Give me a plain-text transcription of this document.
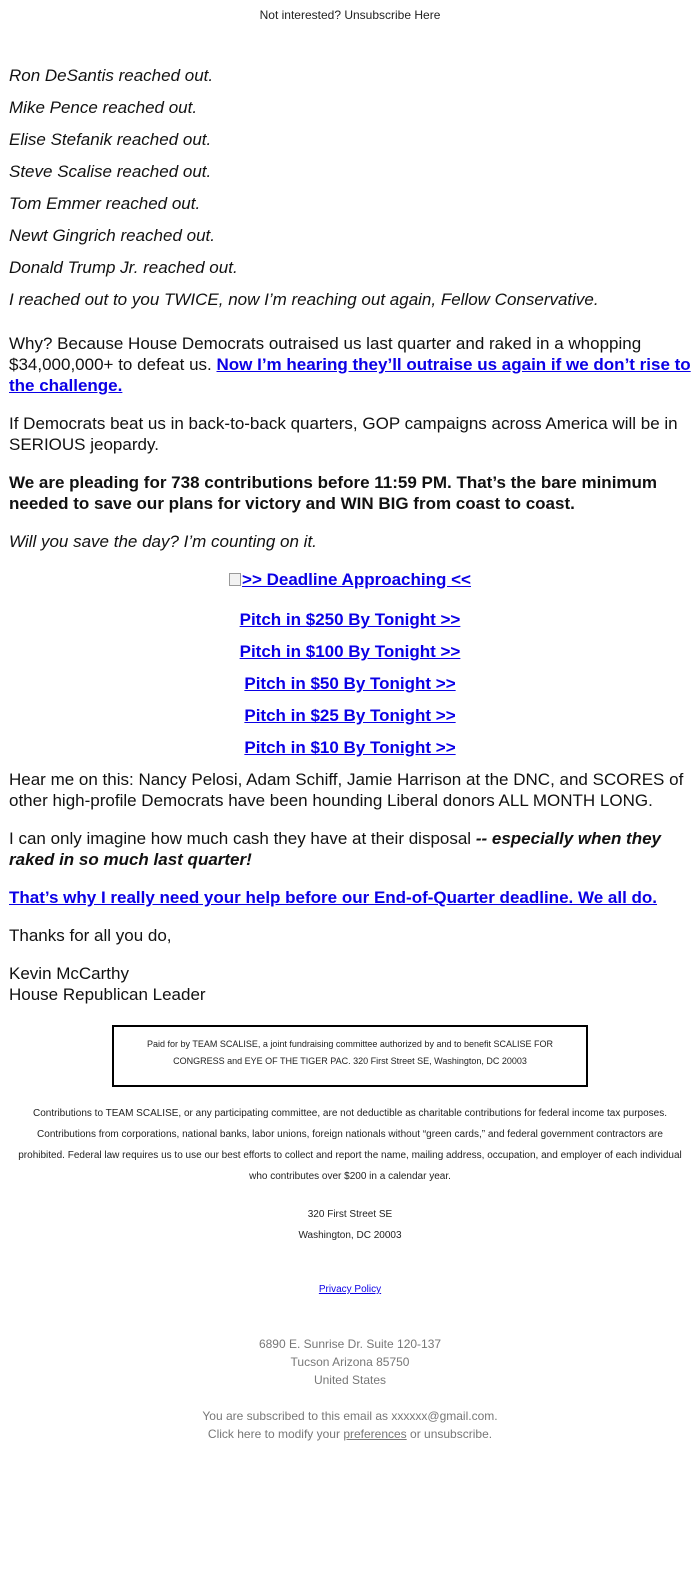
Not interested? Unsubscribe Here

Ron DeSantis reached out.

Mike Pence reached out.

Elise Stefanik reached out.

Steve Scalise reached out.

Tom Emmer reached out.

Newt Gingrich reached out.

Donald Trump Jr. reached out.

I reached out to you TWICE, now I’m reaching out again, Fellow Conservative.

Why? Because House Democrats outraised us last quarter and raked in a whopping $34,000,000+ to defeat us. Now I’m hearing they’ll outraise us again if we don’t rise to the challenge.

If Democrats beat us in back-to-back quarters, GOP campaigns across America will be in SERIOUS jeopardy.

We are pleading for 738 contributions before 11:59 PM. That’s the bare minimum needed to save our plans for victory and WIN BIG from coast to coast.

Will you save the day? I’m counting on it.

>> Deadline Approaching <<
Pitch in $250 By Tonight >>
Pitch in $100 By Tonight >>
Pitch in $50 By Tonight >>
Pitch in $25 By Tonight >>
Pitch in $10 By Tonight >>

Hear me on this: Nancy Pelosi, Adam Schiff, Jamie Harrison at the DNC, and SCORES of other high-profile Democrats have been hounding Liberal donors ALL MONTH LONG.

I can only imagine how much cash they have at their disposal -- especially when they raked in so much last quarter!

That’s why I really need your help before our End-of-Quarter deadline. We all do.

Thanks for all you do,

Kevin McCarthy
House Republican Leader
Paid for by TEAM SCALISE, a joint fundraising committee authorized by and to benefit SCALISE FOR CONGRESS and EYE OF THE TIGER PAC. 320 First Street SE, Washington, DC 20003
Contributions to TEAM SCALISE, or any participating committee, are not deductible as charitable contributions for federal income tax purposes. Contributions from corporations, national banks, labor unions, foreign nationals without “green cards,” and federal government contractors are prohibited. Federal law requires us to use our best efforts to collect and report the name, mailing address, occupation, and employer of each individual who contributes over $200 in a calendar year.
320 First Street SE
Washington, DC 20003
Privacy Policy
6890 E. Sunrise Dr. Suite 120-137
Tucson Arizona 85750
United States
You are subscribed to this email as xxxxxx@gmail.com.
Click here to modify your preferences or unsubscribe.
